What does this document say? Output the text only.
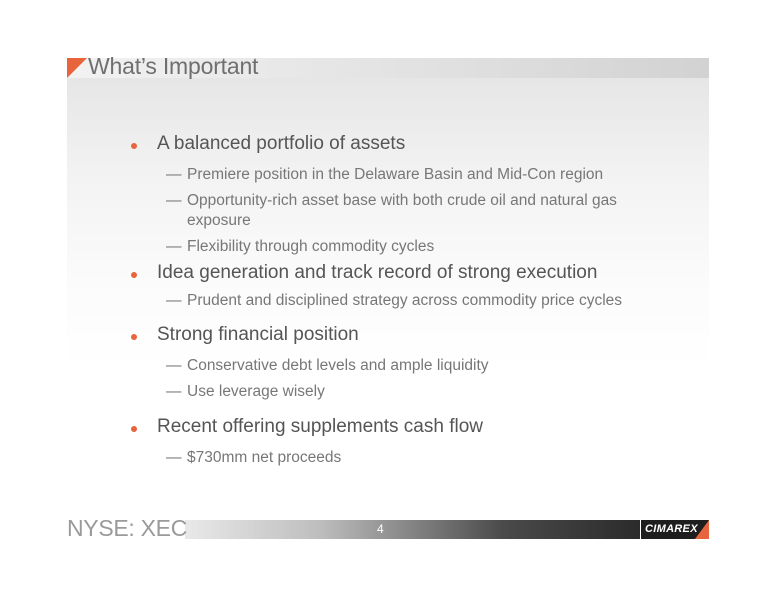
What’s Important
A balanced portfolio of assets
— Premiere position in the Delaware Basin and Mid-Con region
— Opportunity-rich asset base with both crude oil and natural gas
exposure
— Flexibility through commodity cycles
Idea generation and track record of strong execution
— Prudent and disciplined strategy across commodity price cycles
Strong financial position
— Conservative debt levels and ample liquidity
— Use leverage wisely
Recent offering supplements cash flow
— $730mm net proceeds
NYSE: XEC	4	CIMAREX
